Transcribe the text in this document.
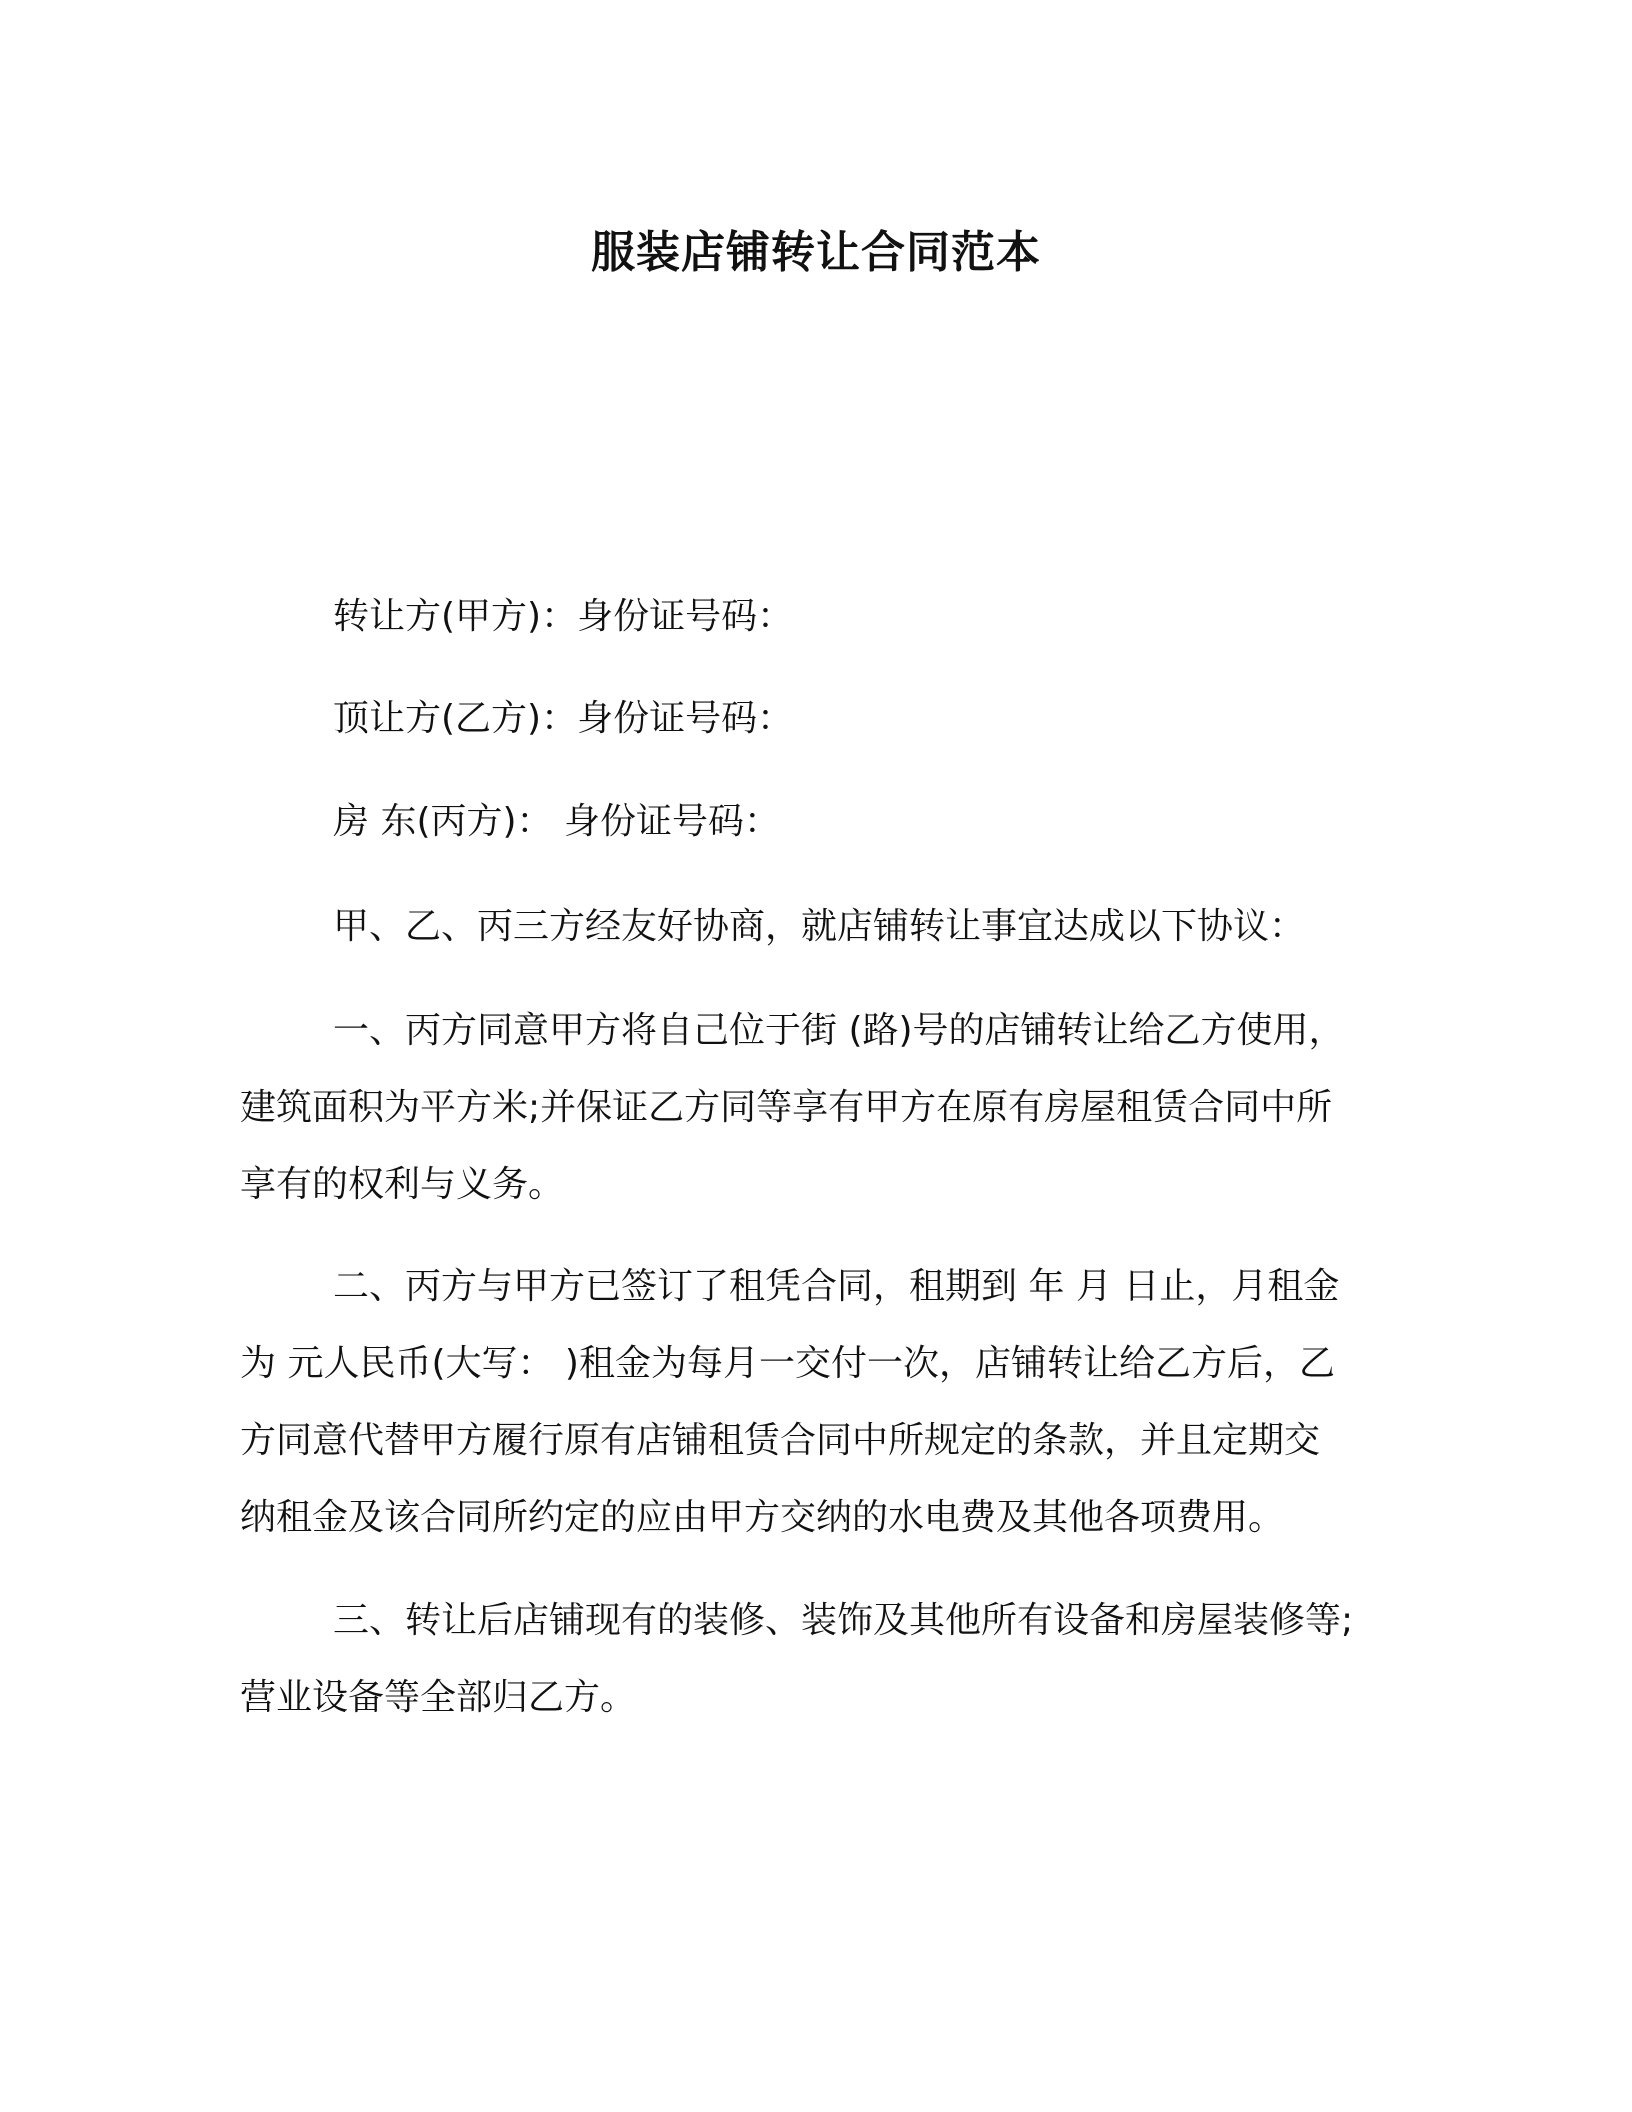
服装店铺转让合同范本
转让方(甲方)：身份证号码：
顶让方(乙方)：身份证号码：
房 东(丙方)： 身份证号码：
甲、乙、丙三方经友好协商，就店铺转让事宜达成以下协议：
一、丙方同意甲方将自己位于街 (路)号的店铺转让给乙方使用，
建筑面积为平方米;并保证乙方同等享有甲方在原有房屋租赁合同中所
享有的权利与义务。
二、丙方与甲方已签订了租凭合同，租期到 年 月 日止，月租金
为 元人民币(大写： )租金为每月一交付一次，店铺转让给乙方后，乙
方同意代替甲方履行原有店铺租赁合同中所规定的条款，并且定期交
纳租金及该合同所约定的应由甲方交纳的水电费及其他各项费用。
三、转让后店铺现有的装修、装饰及其他所有设备和房屋装修等;
营业设备等全部归乙方。
